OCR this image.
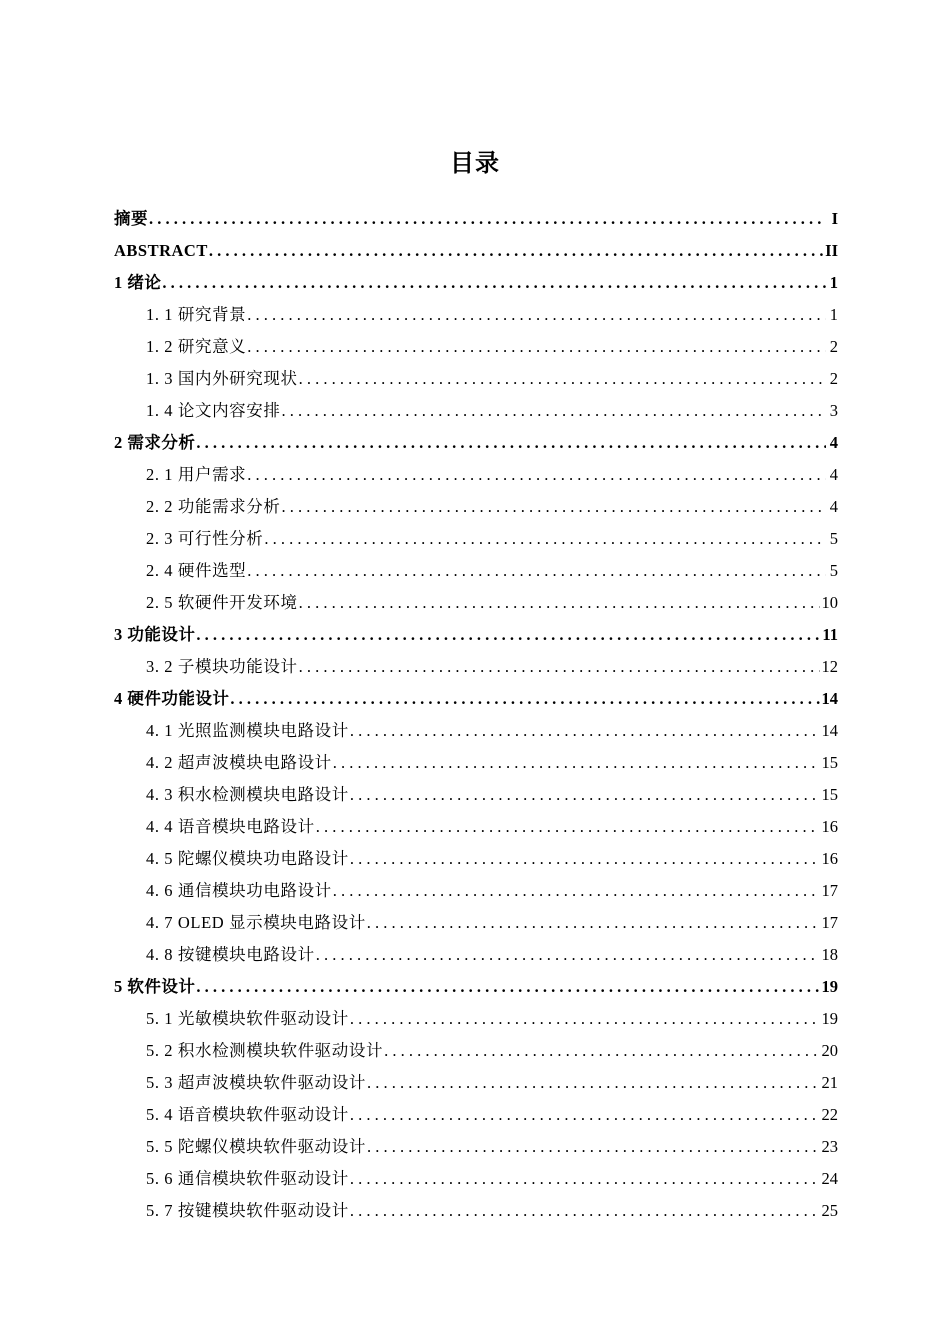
目录
摘要 . . .	I
ABSTRACT . . .	II
1 绪论 . . .	1
1. 1 研究背景 . . .	1
1. 2 研究意义 . . .	2
1. 3 国内外研究现状 . . .	2
1. 4 论文内容安排 . . .	3
2 需求分析 . . .	4
2. 1 用户需求 . . .	4
2. 2 功能需求分析 . . .	4
2. 3 可行性分析 . . .	5
2. 4 硬件选型 . . .	5
2. 5 软硬件开发环境 . . .	10
3 功能设计 . . .	11
3. 2 子模块功能设计 . . .	12
4 硬件功能设计 . . .	14
4. 1 光照监测模块电路设计 . . .	14
4. 2 超声波模块电路设计 . . .	15
4. 3 积水检测模块电路设计 . . .	15
4. 4 语音模块电路设计 . . .	16
4. 5 陀螺仪模块功电路设计 . . .	16
4. 6 通信模块功电路设计 . . .	17
4. 7 OLED 显示模块电路设计 . . .	17
4. 8 按键模块电路设计 . . .	18
5 软件设计 . . .	19
5. 1 光敏模块软件驱动设计 . . .	19
5. 2 积水检测模块软件驱动设计 . . .	20
5. 3 超声波模块软件驱动设计 . . .	21
5. 4 语音模块软件驱动设计 . . .	22
5. 5 陀螺仪模块软件驱动设计 . . .	23
5. 6 通信模块软件驱动设计 . . .	24
5. 7 按键模块软件驱动设计 . . .	25
